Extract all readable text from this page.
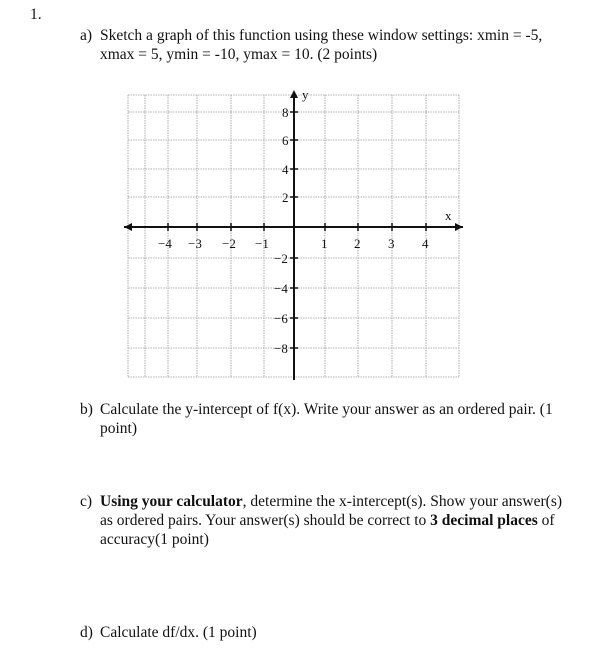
1.
a) Sketch a graph of this function using these window settings: xmin = -5,
xmax = 5, ymin = -10, ymax = 10. (2 points)
y
x
−4 −3 −2 −1	1 2 3 4
8
6
4
2
−2
−4
−6
−8
b) Calculate the y-intercept of f(x). Write your answer as an ordered pair. (1
point)
c) Using your calculator, determine the x-intercept(s). Show your answer(s)
as ordered pairs. Your answer(s) should be correct to 3 decimal places of
accuracy(1 point)
d) Calculate df/dx. (1 point)
